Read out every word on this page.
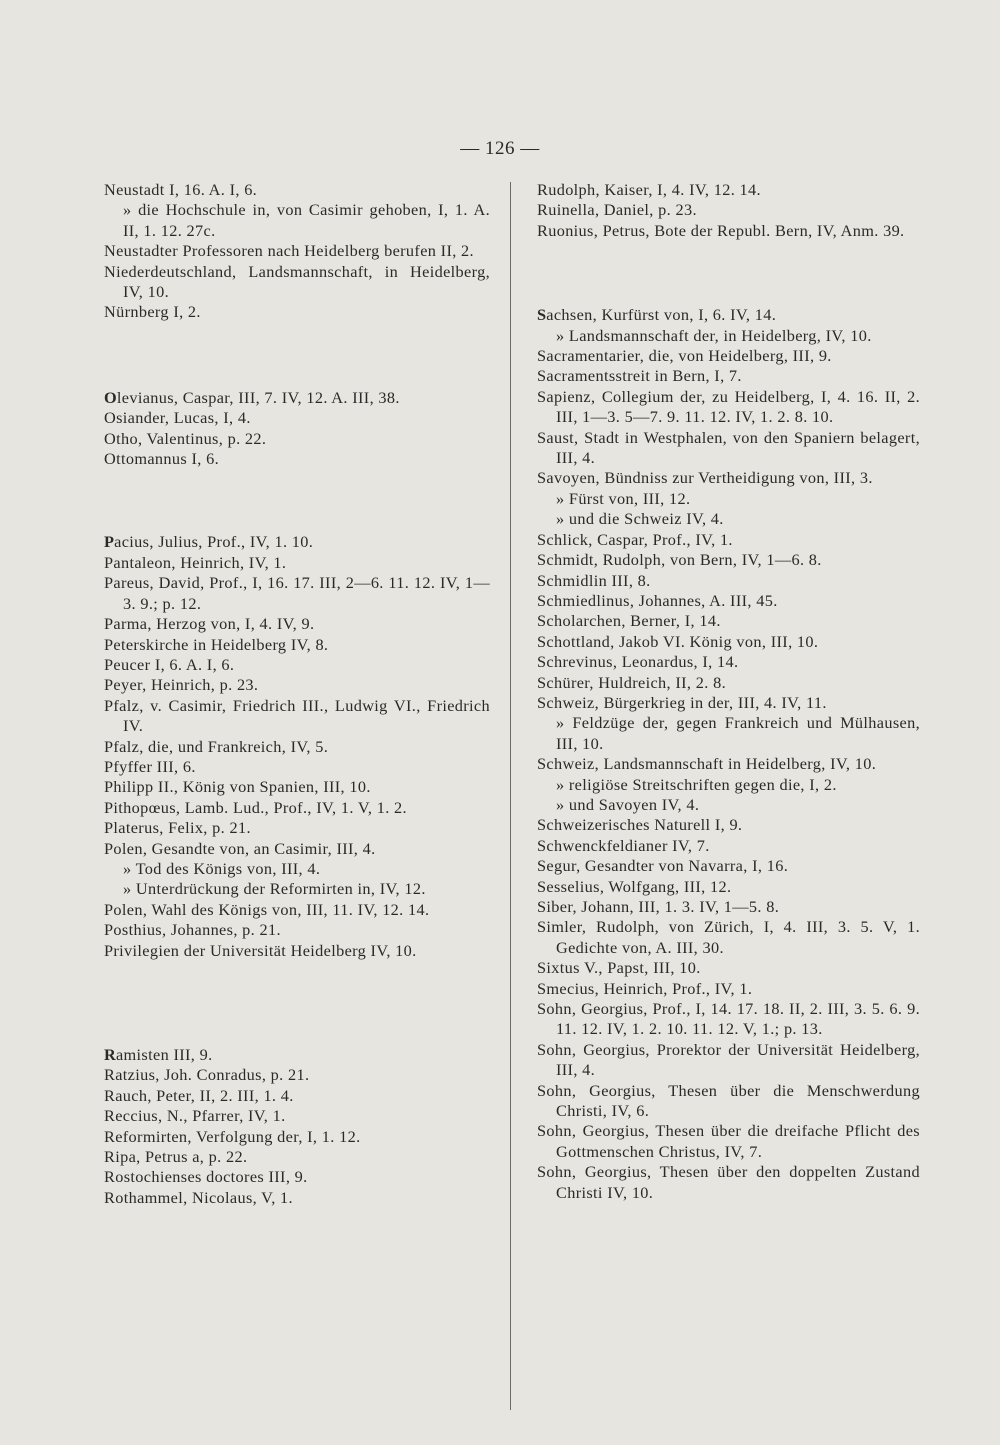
— 126 —

Neustadt I, 16. A. I, 6.

» die Hochschule in, von Casimir gehoben, I, 1. A. II, 1. 12. 27c.

Neustadter Professoren nach Heidelberg berufen II, 2.

Niederdeutschland, Landsmannschaft, in Heidelberg, IV, 10.

Nürnberg I, 2.

Olevianus, Caspar, III, 7. IV, 12. A. III, 38.

Osiander, Lucas, I, 4.

Otho, Valentinus, p. 22.

Ottomannus I, 6.

Pacius, Julius, Prof., IV, 1. 10.

Pantaleon, Heinrich, IV, 1.

Pareus, David, Prof., I, 16. 17. III, 2—6. 11. 12. IV, 1—3. 9.; p. 12.

Parma, Herzog von, I, 4. IV, 9.

Peterskirche in Heidelberg IV, 8.

Peucer I, 6. A. I, 6.

Peyer, Heinrich, p. 23.

Pfalz, v. Casimir, Friedrich III., Ludwig VI., Friedrich IV.

Pfalz, die, und Frankreich, IV, 5.

Pfyffer III, 6.

Philipp II., König von Spanien, III, 10.

Pithopœus, Lamb. Lud., Prof., IV, 1. V, 1. 2.

Platerus, Felix, p. 21.

Polen, Gesandte von, an Casimir, III, 4.

» Tod des Königs von, III, 4.

» Unterdrückung der Reformirten in, IV, 12.

Polen, Wahl des Königs von, III, 11. IV, 12. 14.

Posthius, Johannes, p. 21.

Privilegien der Universität Heidelberg IV, 10.

Ramisten III, 9.

Ratzius, Joh. Conradus, p. 21.

Rauch, Peter, II, 2. III, 1. 4.

Reccius, N., Pfarrer, IV, 1.

Reformirten, Verfolgung der, I, 1. 12.

Ripa, Petrus a, p. 22.

Rostochienses doctores III, 9.

Rothammel, Nicolaus, V, 1.

Rudolph, Kaiser, I, 4. IV, 12. 14.

Ruinella, Daniel, p. 23.

Ruonius, Petrus, Bote der Republ. Bern, IV, Anm. 39.

Sachsen, Kurfürst von, I, 6. IV, 14.

» Landsmannschaft der, in Heidelberg, IV, 10.

Sacramentarier, die, von Heidelberg, III, 9.

Sacramentsstreit in Bern, I, 7.

Sapienz, Collegium der, zu Heidelberg, I, 4. 16. II, 2. III, 1—3. 5—7. 9. 11. 12. IV, 1. 2. 8. 10.

Saust, Stadt in Westphalen, von den Spaniern belagert, III, 4.

Savoyen, Bündniss zur Vertheidigung von, III, 3.

» Fürst von, III, 12.

» und die Schweiz IV, 4.

Schlick, Caspar, Prof., IV, 1.

Schmidt, Rudolph, von Bern, IV, 1—6. 8.

Schmidlin III, 8.

Schmiedlinus, Johannes, A. III, 45.

Scholarchen, Berner, I, 14.

Schottland, Jakob VI. König von, III, 10.

Schrevinus, Leonardus, I, 14.

Schürer, Huldreich, II, 2. 8.

Schweiz, Bürgerkrieg in der, III, 4. IV, 11.

» Feldzüge der, gegen Frankreich und Mülhausen, III, 10.

Schweiz, Landsmannschaft in Heidelberg, IV, 10.

» religiöse Streitschriften gegen die, I, 2.

» und Savoyen IV, 4.

Schweizerisches Naturell I, 9.

Schwenckfeldianer IV, 7.

Segur, Gesandter von Navarra, I, 16.

Sesselius, Wolfgang, III, 12.

Siber, Johann, III, 1. 3. IV, 1—5. 8.

Simler, Rudolph, von Zürich, I, 4. III, 3. 5. V, 1. Gedichte von, A. III, 30.

Sixtus V., Papst, III, 10.

Smecius, Heinrich, Prof., IV, 1.

Sohn, Georgius, Prof., I, 14. 17. 18. II, 2. III, 3. 5. 6. 9. 11. 12. IV, 1. 2. 10. 11. 12. V, 1.; p. 13.

Sohn, Georgius, Prorektor der Universität Heidelberg, III, 4.

Sohn, Georgius, Thesen über die Menschwerdung Christi, IV, 6.

Sohn, Georgius, Thesen über die dreifache Pflicht des Gottmenschen Christus, IV, 7.

Sohn, Georgius, Thesen über den doppelten Zustand Christi IV, 10.
